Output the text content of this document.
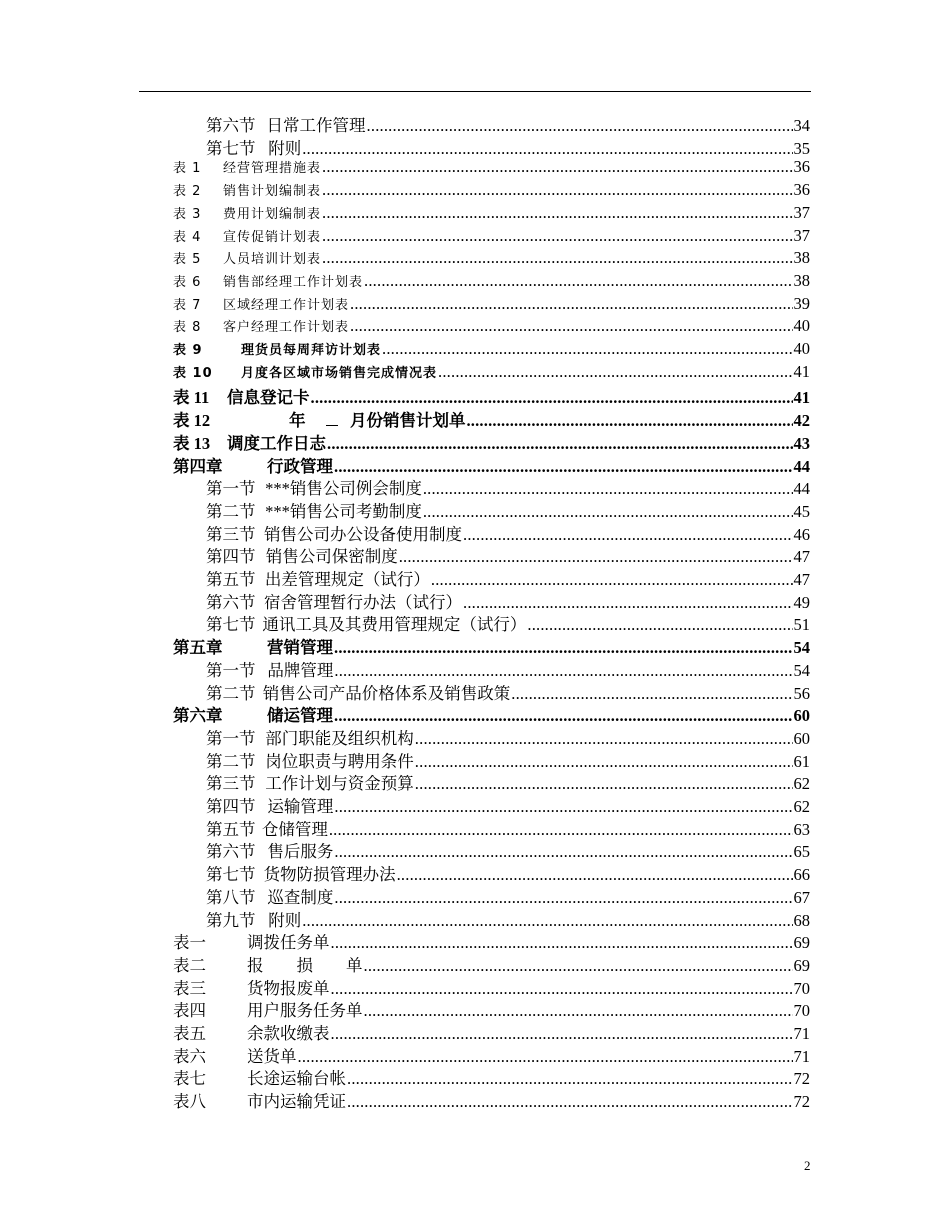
第六节 日常工作管理 .....	34
第七节 附则 .....	35
表 1	经营管理措施表 .....	36
表 2	销售计划编制表 .....	36
表 3	费用计划编制表 .....	37
表 4	宣传促销计划表 .....	37
表 5	人员培训计划表 .....	38
表 6	销售部经理工作计划表 .....	38
表 7	区域经理工作计划表 .....	39
表 8	客户经理工作计划表 .....	40
表 9	理货员每周拜访计划表 .....	40
表 10	月度各区域市场销售完成情况表 .....	41
表 11	信息登记卡 .....	41
表 12	年	月份销售计划单 .....	42
表 13	调度工作日志 .....	43
第四章	行政管理 .....	44
第一节 ***销售公司例会制度 .....	44
第二节 ***销售公司考勤制度 .....	45
第三节 销售公司办公设备使用制度 .....	46
第四节 销售公司保密制度 .....	47
第五节 出差管理规定（试行） .....	47
第六节 宿舍管理暂行办法（试行） .....	49
第七节 通讯工具及其费用管理规定（试行） .....	51
第五章	营销管理 .....	54
第一节 品牌管理 .....	54
第二节 销售公司产品价格体系及销售政策 .....	56
第六章	储运管理 .....	60
第一节 部门职能及组织机构 .....	60
第二节 岗位职责与聘用条件 .....	61
第三节 工作计划与资金预算 .....	62
第四节 运输管理 .....	62
第五节 仓储管理 .....	63
第六节 售后服务 .....	65
第七节 货物防损管理办法 .....	66
第八节 巡查制度 .....	67
第九节 附则 .....	68
表一	调拨任务单 .....	69
表二	报　　损　　单 .....	69
表三	货物报废单 .....	70
表四	用户服务任务单 .....	70
表五	余款收缴表 .....	71
表六	送货单 .....	71
表七	长途运输台帐 .....	72
表八	市内运输凭证 .....	72
2
